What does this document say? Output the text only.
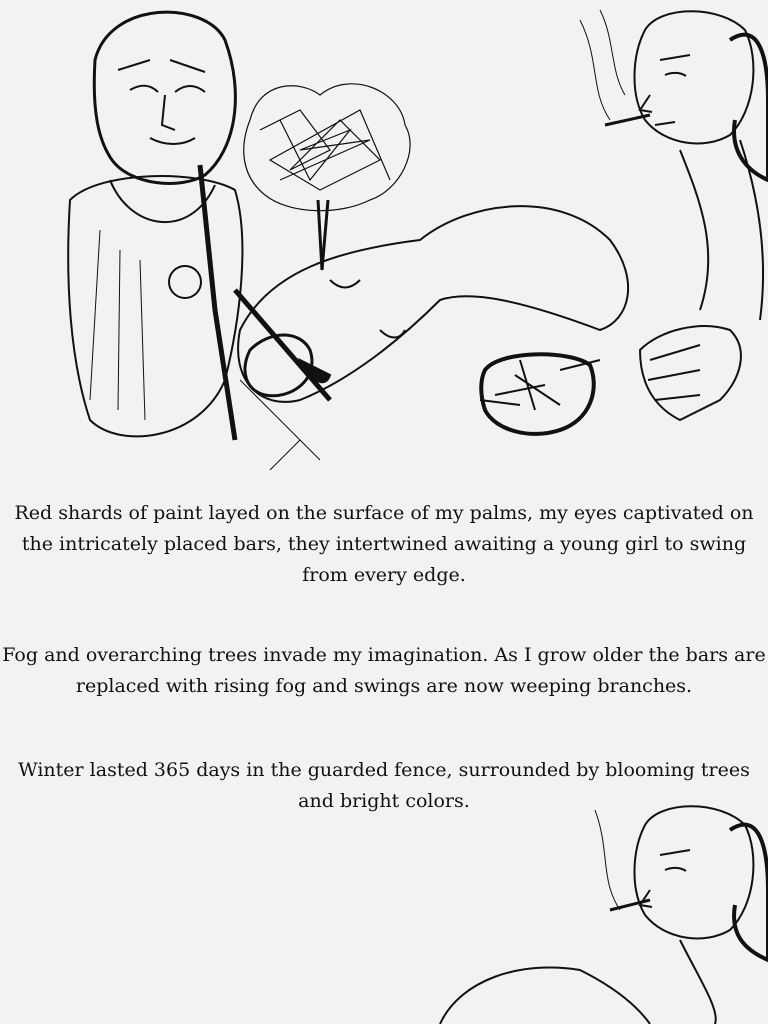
Red shards of paint layed on the surface of my palms, my eyes captivated on the intricately placed bars, they intertwined awaiting a young girl to swing from every edge.

Fog and overarching trees invade my imagination. As I grow older the bars are replaced with rising fog and swings are now weeping branches.

Winter lasted 365 days in the guarded fence, surrounded by blooming trees and bright colors.
